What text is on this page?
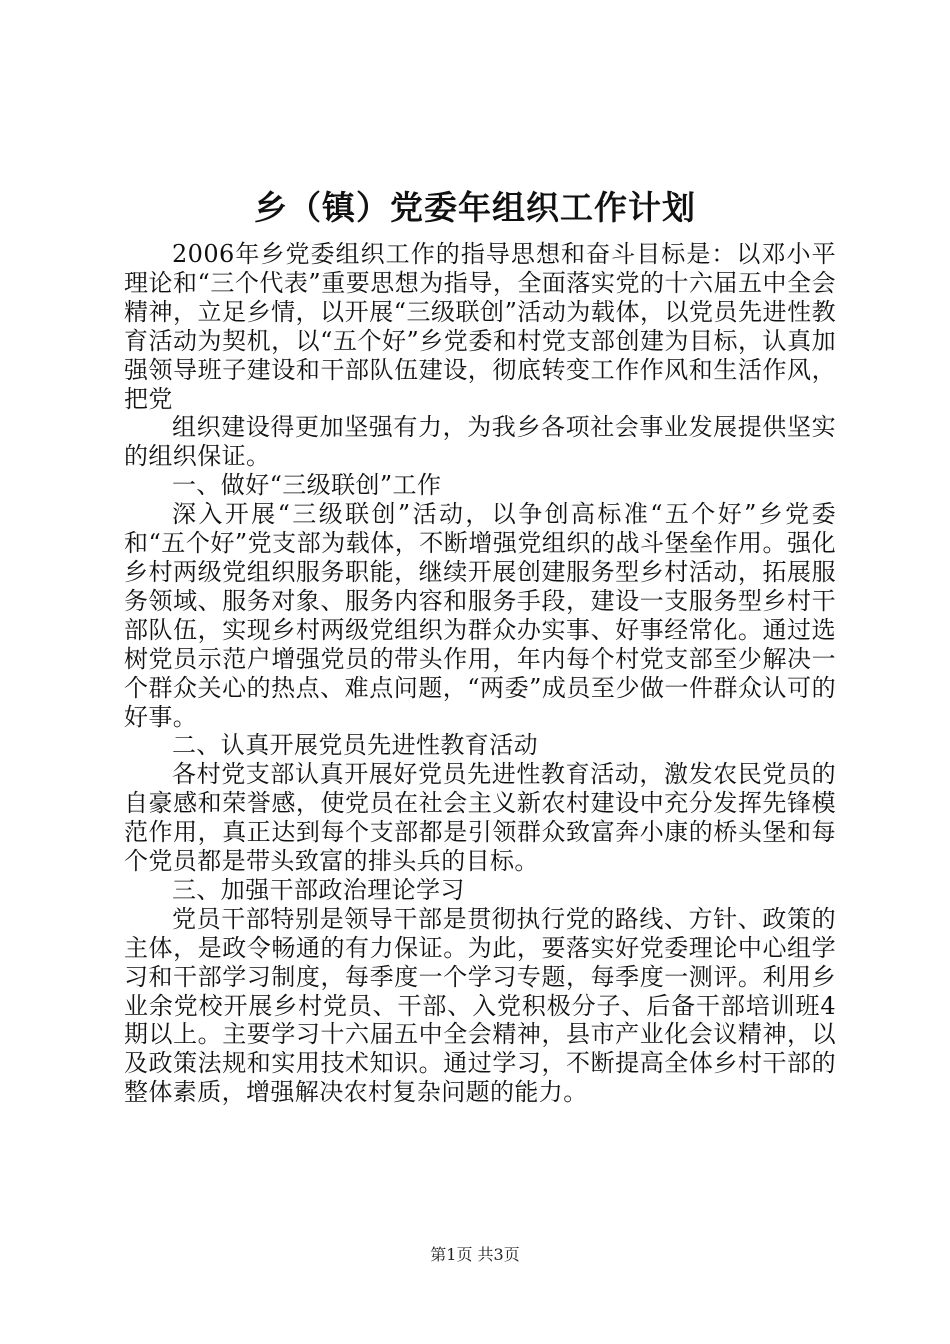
乡（镇）党委年组织工作计划

2006年乡党委组织工作的指导思想和奋斗目标是：以邓小平理论和“三个代表”重要思想为指导，全面落实党的十六届五中全会精神，立足乡情，以开展“三级联创”活动为载体，以党员先进性教育活动为契机，以“五个好”乡党委和村党支部创建为目标，认真加强领导班子建设和干部队伍建设，彻底转变工作作风和生活作风，把党

组织建设得更加坚强有力，为我乡各项社会事业发展提供坚实的组织保证。

一、做好“三级联创”工作

深入开展“三级联创”活动，以争创高标准“五个好”乡党委和“五个好”党支部为载体，不断增强党组织的战斗堡垒作用。强化乡村两级党组织服务职能，继续开展创建服务型乡村活动，拓展服务领域、服务对象、服务内容和服务手段，建设一支服务型乡村干部队伍，实现乡村两级党组织为群众办实事、好事经常化。通过选树党员示范户增强党员的带头作用，年内每个村党支部至少解决一个群众关心的热点、难点问题，“两委”成员至少做一件群众认可的好事。

二、认真开展党员先进性教育活动

各村党支部认真开展好党员先进性教育活动，激发农民党员的自豪感和荣誉感，使党员在社会主义新农村建设中充分发挥先锋模范作用，真正达到每个支部都是引领群众致富奔小康的桥头堡和每个党员都是带头致富的排头兵的目标。

三、加强干部政治理论学习

党员干部特别是领导干部是贯彻执行党的路线、方针、政策的主体，是政令畅通的有力保证。为此，要落实好党委理论中心组学习和干部学习制度，每季度一个学习专题，每季度一测评。利用乡业余党校开展乡村党员、干部、入党积极分子、后备干部培训班4期以上。主要学习十六届五中全会精神，县市产业化会议精神，以及政策法规和实用技术知识。通过学习，不断提高全体乡村干部的整体素质，增强解决农村复杂问题的能力。

第1页 共3页
